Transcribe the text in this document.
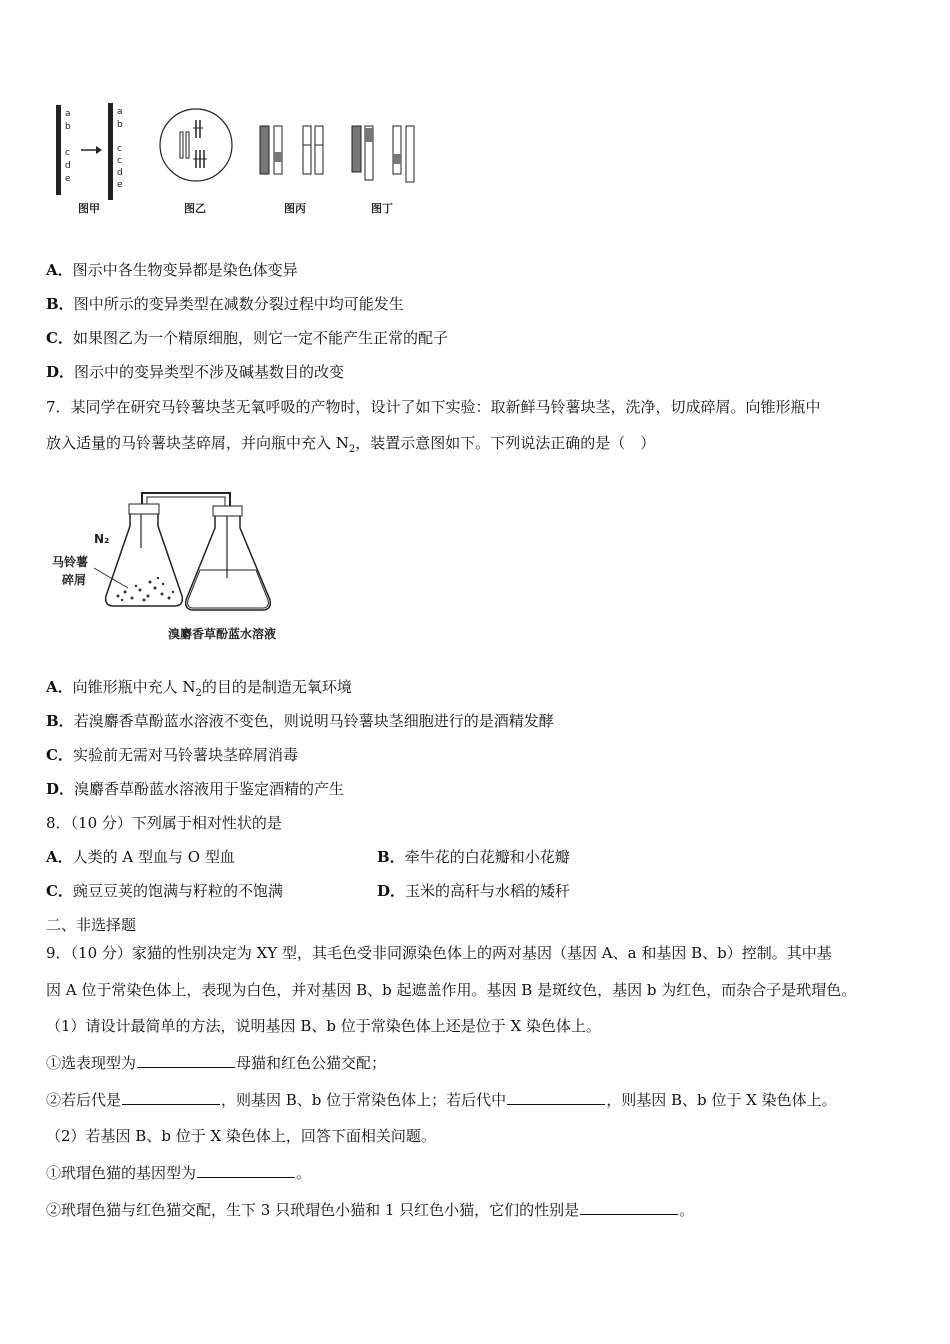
a
b
c
d
e
a
b
c
c
d
e
图甲	图乙	图丙	图丁
A．图示中各生物变异都是染色体变异
B．图中所示的变异类型在减数分裂过程中均可能发生
C．如果图乙为一个精原细胞，则它一定不能产生正常的配子
D．图示中的变异类型不涉及碱基数目的改变
7．某同学在研究马铃薯块茎无氧呼吸的产物时，设计了如下实验：取新鲜马铃薯块茎，洗净，切成碎屑。向锥形瓶中
放入适量的马铃薯块茎碎屑，并向瓶中充入 $N_2$，装置示意图如下。下列说法正确的是（　）
N₂
马铃薯
碎屑
溴麝香草酚蓝水溶液
A．向锥形瓶中充人 $N_2$的目的是制造无氧环境
B．若溴麝香草酚蓝水溶液不变色，则说明马铃薯块茎细胞进行的是酒精发酵
C．实验前无需对马铃薯块茎碎屑消毒
D．溴麝香草酚蓝水溶液用于鉴定酒精的产生
8．（10 分）下列属于相对性状的是
A．人类的 A 型血与 O 型血	B．牵牛花的白花瓣和小花瓣
C．豌豆豆荚的饱满与籽粒的不饱满	D．玉米的高秆与水稻的矮秆
二、非选择题
9．（10 分）家猫的性别决定为 XY 型，其毛色受非同源染色体上的两对基因（基因 A、a 和基因 B、b）控制。其中基
因 A 位于常染色体上，表现为白色，并对基因 B、b 起遮盖作用。基因 B 是斑纹色，基因 b 为红色，而杂合子是玳瑁色。
（1）请设计最简单的方法，说明基因 B、b 位于常染色体上还是位于 X 染色体上。
①选表现型为	母猫和红色公猫交配；
②若后代是	，则基因 B、b 位于常染色体上；若后代中	，则基因 B、b 位于 X 染色体上。
（2）若基因 B、b 位于 X 染色体上，回答下面相关问题。
①玳瑁色猫的基因型为	。
②玳瑁色猫与红色猫交配，生下 3 只玳瑁色小猫和 1 只红色小猫，它们的性别是	。
